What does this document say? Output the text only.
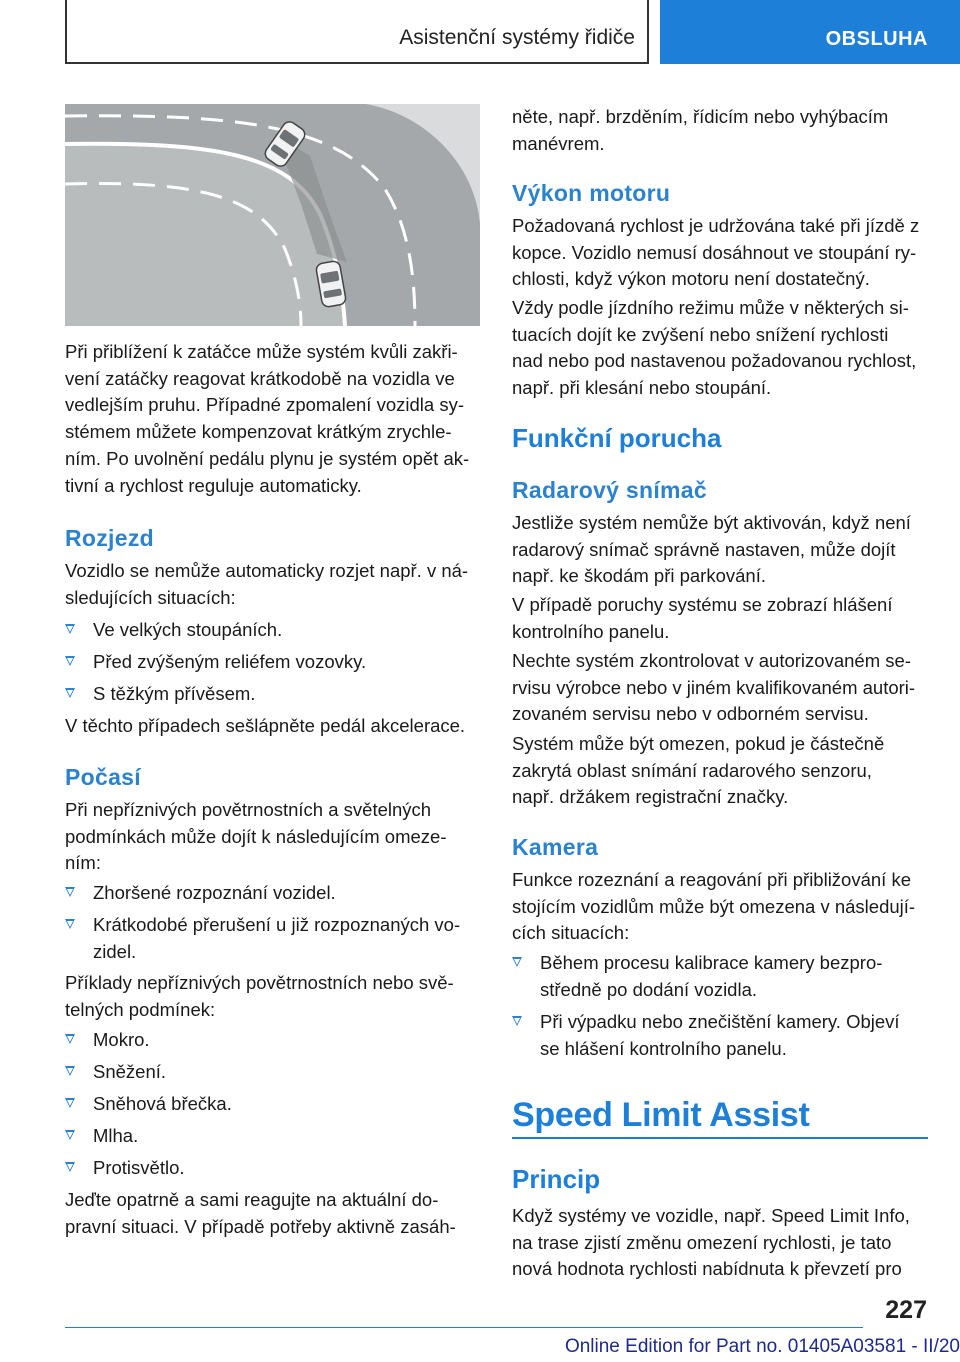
Asistenční systémy řidiče	OBSLUHA

Při přiblížení k zatáčce může systém kvůli zakři-
vení zatáčky reagovat krátkodobě na vozidla ve
vedlejším pruhu. Případné zpomalení vozidla sy-
stémem můžete kompenzovat krátkým zrychle-
ním. Po uvolnění pedálu plynu je systém opět ak-
tivní a rychlost reguluje automaticky.

Rozjezd

Vozidlo se nemůže automaticky rozjet např. v ná-
sledujících situacích:

Ve velkých stoupáních.
Před zvýšeným reliéfem vozovky.
S těžkým přívěsem.

V těchto případech sešlápněte pedál akcelerace.

Počasí

Při nepříznivých povětrnostních a světelných
podmínkách může dojít k následujícím omeze-
ním:

Zhoršené rozpoznání vozidel.
Krátkodobé přerušení u již rozpoznaných vo-
zidel.

Příklady nepříznivých povětrnostních nebo svě-
telných podmínek:

Mokro.
Sněžení.
Sněhová břečka.
Mlha.
Protisvětlo.

Jeďte opatrně a sami reagujte na aktuální do-
pravní situaci. V případě potřeby aktivně zasáh-

něte, např. brzděním, řídicím nebo vyhýbacím
manévrem.

Výkon motoru

Požadovaná rychlost je udržována také při jízdě z
kopce. Vozidlo nemusí dosáhnout ve stoupání ry-
chlosti, když výkon motoru není dostatečný.

Vždy podle jízdního režimu může v některých si-
tuacích dojít ke zvýšení nebo snížení rychlosti
nad nebo pod nastavenou požadovanou rychlost,
např. při klesání nebo stoupání.

Funkční porucha
Radarový snímač

Jestliže systém nemůže být aktivován, když není
radarový snímač správně nastaven, může dojít
např. ke škodám při parkování.

V případě poruchy systému se zobrazí hlášení
kontrolního panelu.

Nechte systém zkontrolovat v autorizovaném se-
rvisu výrobce nebo v jiném kvalifikovaném autori-
zovaném servisu nebo v odborném servisu.

Systém může být omezen, pokud je částečně
zakrytá oblast snímání radarového senzoru,
např. držákem registrační značky.

Kamera

Funkce rozeznání a reagování při přibližování ke
stojícím vozidlům může být omezena v následují-
cích situacích:

Během procesu kalibrace kamery bezpro-
středně po dodání vozidla.
Při výpadku nebo znečištění kamery. Objeví
se hlášení kontrolního panelu.
Speed Limit Assist
Princip

Když systémy ve vozidle, např. Speed Limit Info,
na trase zjistí změnu omezení rychlosti, je tato
nová hodnota rychlosti nabídnuta k převzetí pro

227
Online Edition for Part no. 01405A03581 - II/20
